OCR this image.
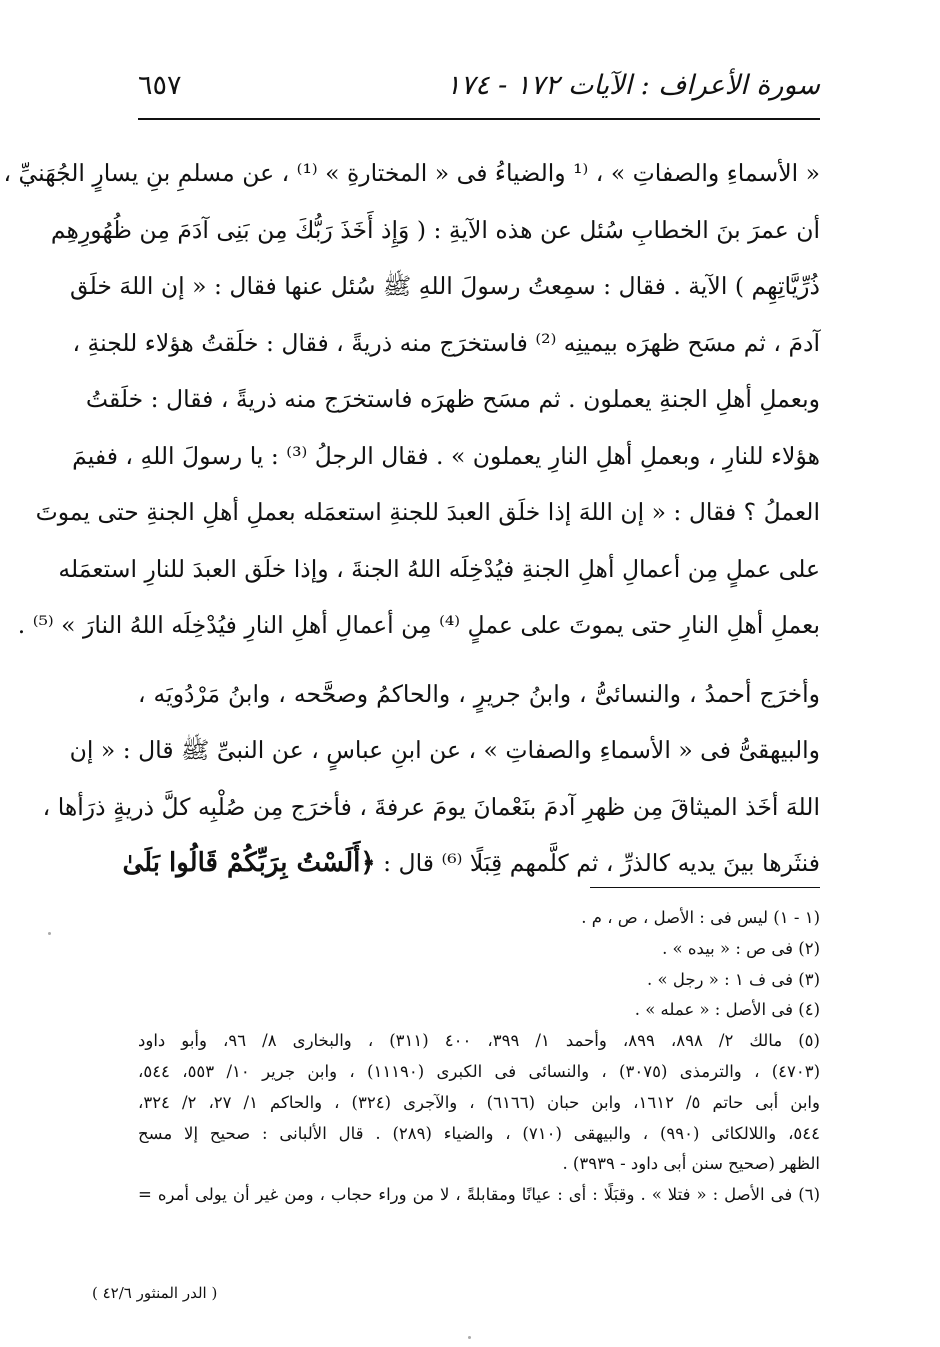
سورة الأعراف : الآيات ١٧٢ - ١٧٤
٦٥٧
« الأسماءِ والصفاتِ » ، ⁽¹ والضياءُ فى « المختارةِ » ⁽¹⁾ ، عن مسلمِ بنِ يسارٍ الجُهَنيِّ ،
أن عمرَ بنَ الخطابِ سُئل عن هذه الآيةِ : ( وَإِذ أَخَذَ رَبُّكَ مِن بَنِى آدَمَ مِن ظُهُورِهِم
ذُرِّيَّاتِهِم ) الآية . فقال : سمِعتُ رسولَ اللهِ ﷺ سُئل عنها فقال : « إن اللهَ خلَق
آدمَ ، ثم مسَح ظهرَه بيمينِه ⁽²⁾ فاستخرَج منه ذريةً ، فقال : خلَقتُ هؤلاء للجنةِ ،
وبعملِ أهلِ الجنةِ يعملون . ثم مسَح ظهرَه فاستخرَج منه ذريةً ، فقال : خلَقتُ
هؤلاء للنارِ ، وبعملِ أهلِ النارِ يعملون » . فقال الرجلُ ⁽³⁾ : يا رسولَ اللهِ ، ففيمَ
العملُ ؟ فقال : « إن اللهَ إذا خلَق العبدَ للجنةِ استعمَله بعملِ أهلِ الجنةِ حتى يموتَ
على عملٍ مِن أعمالِ أهلِ الجنةِ فيُدْخِلَه اللهُ الجنةَ ، وإذا خلَق العبدَ للنارِ استعمَله
بعملِ أهلِ النارِ حتى يموتَ على عملٍ ⁽⁴⁾ مِن أعمالِ أهلِ النارِ فيُدْخِلَه اللهُ النارَ » ⁽⁵⁾ .
وأخرَج أحمدُ ، والنسائىُّ ، وابنُ جريرٍ ، والحاكمُ وصحَّحه ، وابنُ مَرْدُويَه ،
والبيهقىُّ فى « الأسماءِ والصفاتِ » ، عن ابنِ عباسٍ ، عن النبىِّ ﷺ قال : « إن
اللهَ أخَذ الميثاقَ مِن ظهرِ آدمَ بنَعْمانَ يومَ عرفةَ ، فأخرَج مِن صُلْبِه كلَّ ذريةٍ ذرَأها ،
فنثَرها بينَ يديه كالذرِّ ، ثم كلَّمهم قِبَلًا ⁽⁶⁾ قال : ﴿أَلَسْتُ بِرَبِّكُمْ قَالُوا بَلَىٰ
(١ - ١) ليس فى : الأصل ، ص ، م .
(٢) فى ص : « بيده » .
(٣) فى ف ١ : « رجل » .
(٤) فى الأصل : « عمله » .
(٥) مالك ٢/ ٨٩٨، ٨٩٩، وأحمد ١/ ٣٩٩، ٤٠٠ (٣١١) ، والبخارى ٨/ ٩٦، وأبو داود
(٤٧٠٣) ، والترمذى (٣٠٧٥) ، والنسائى فى الكبرى (١١١٩٠) ، وابن جرير ١٠/ ٥٥٣، ٥٤٤،
وابن أبى حاتم ٥/ ١٦١٢، وابن حبان (٦١٦٦) ، والآجرى (٣٢٤) ، والحاكم ١/ ٢٧، ٢/ ٣٢٤،
٥٤٤، واللالكائى (٩٩٠) ، والبيهقى (٧١٠) ، والضياء (٢٨٩) . قال الألبانى : صحيح إلا مسح
الظهر (صحيح سنن أبى داود - ٣٩٣٩) .
(٦) فى الأصل : « فتلا » . وقبَلًا : أى : عيانًا ومقابلةً ، لا من وراء حجاب ، ومن غير أن يولى أمره =
( الدر المنثور ٤٢/٦ )
